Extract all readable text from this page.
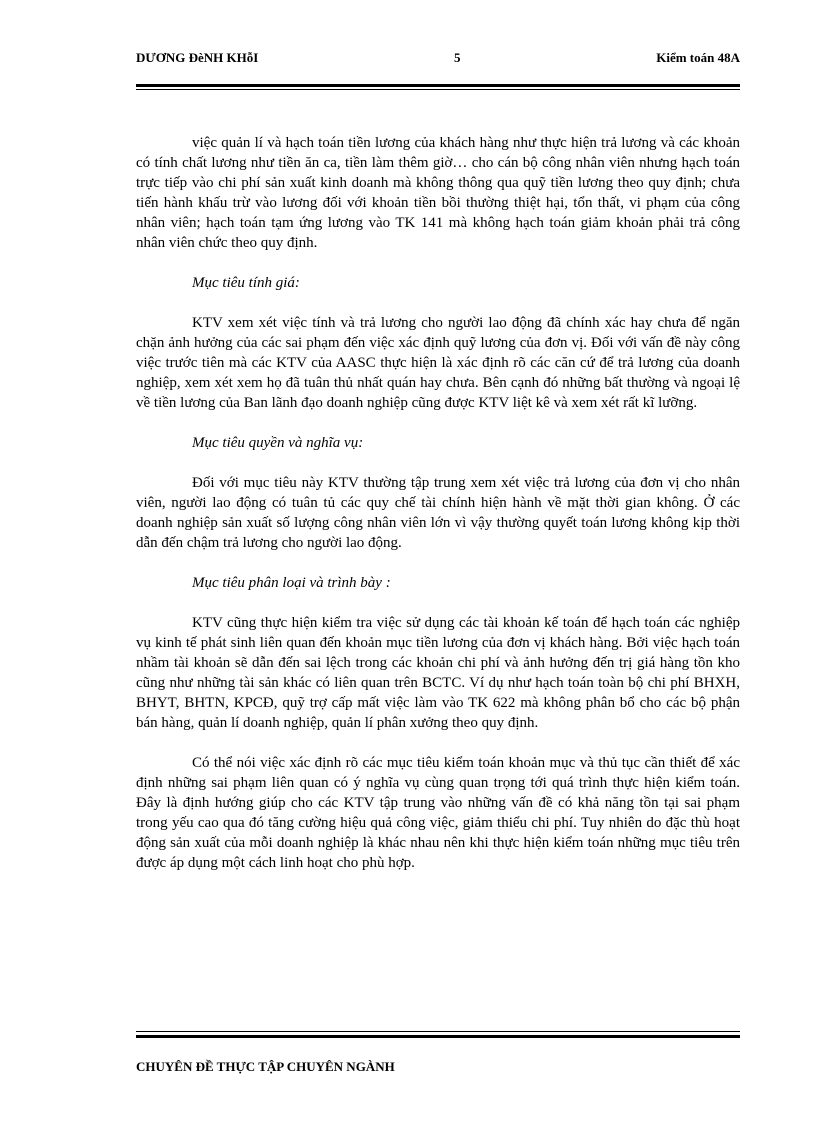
DƯƠNG ĐèNH KHỗI	5	Kiểm toán 48A

việc quản lí và hạch toán tiền lương của khách hàng như thực hiện trả lương và các khoản có tính chất lương như tiền ăn ca, tiền làm thêm giờ… cho cán bộ công nhân viên nhưng hạch toán trực tiếp vào chi phí sản xuất kinh doanh mà không thông qua quỹ tiền lương theo quy định; chưa tiến hành khấu trừ vào lương đối với khoản tiền bồi thường thiệt hại, tổn thất, vi phạm của công nhân viên; hạch toán tạm ứng lương vào TK 141 mà không hạch toán giảm khoản phải trả công nhân viên chức theo quy định.

Mục tiêu tính giá:

KTV xem xét việc tính và trả lương cho người lao động đã chính xác hay chưa để ngăn chặn ảnh hưởng của các sai phạm đến việc xác định quỹ lương của đơn vị. Đối với vấn đề này công việc trước tiên mà các KTV của AASC thực hiện là xác định rõ các căn cứ để trả lương của doanh nghiệp, xem xét xem họ đã tuân thủ nhất quán hay chưa. Bên cạnh đó những bất thường và ngoại lệ về tiền lương của Ban lãnh đạo doanh nghiệp cũng được KTV liệt kê và xem xét rất kĩ lưỡng.

Mục tiêu quyền và nghĩa vụ:

Đối với mục tiêu này KTV thường tập trung xem xét việc trả lương của đơn vị cho nhân viên, người lao động có tuân tủ các quy chế tài chính hiện hành về mặt thời gian không. Ở các doanh nghiệp sản xuất số lượng công nhân viên lớn vì vậy thường quyết toán lương không kịp thời dẫn đến chậm trả lương cho người lao động.

Mục tiêu phân loại và trình bày :

KTV cũng thực hiện kiểm tra việc sử dụng các tài khoản kế toán để hạch toán các nghiệp vụ kinh tế phát sinh liên quan đến khoản mục tiền lương của đơn vị khách hàng. Bởi việc hạch toán nhầm tài khoản sẽ dẫn đến sai lệch trong các khoản chi phí và ảnh hưởng đến trị giá hàng tồn kho cũng như những tài sản khác có liên quan trên BCTC. Ví dụ như hạch toán toàn bộ chi phí BHXH, BHYT, BHTN, KPCĐ, quỹ trợ cấp mất việc làm vào TK 622 mà không phân bổ cho các bộ phận bán hàng, quản lí doanh nghiệp, quản lí phân xưởng theo quy định.

Có thể nói việc xác định rõ các mục tiêu kiểm toán khoản mục và thủ tục cần thiết để xác định những sai phạm liên quan có ý nghĩa vụ cùng quan trọng tới quá trình thực hiện kiểm toán. Đây là định hướng giúp cho các KTV tập trung vào những vấn đề có khả năng tồn tại sai phạm trong yếu cao qua đó tăng cường hiệu quả công việc, giảm thiểu chi phí. Tuy nhiên do đặc thù hoạt động sản xuất của mỗi doanh nghiệp là khác nhau nên khi thực hiện kiểm toán những mục tiêu trên được áp dụng một cách linh hoạt cho phù hợp.

CHUYÊN ĐỀ THỰC TẬP CHUYÊN NGÀNH
